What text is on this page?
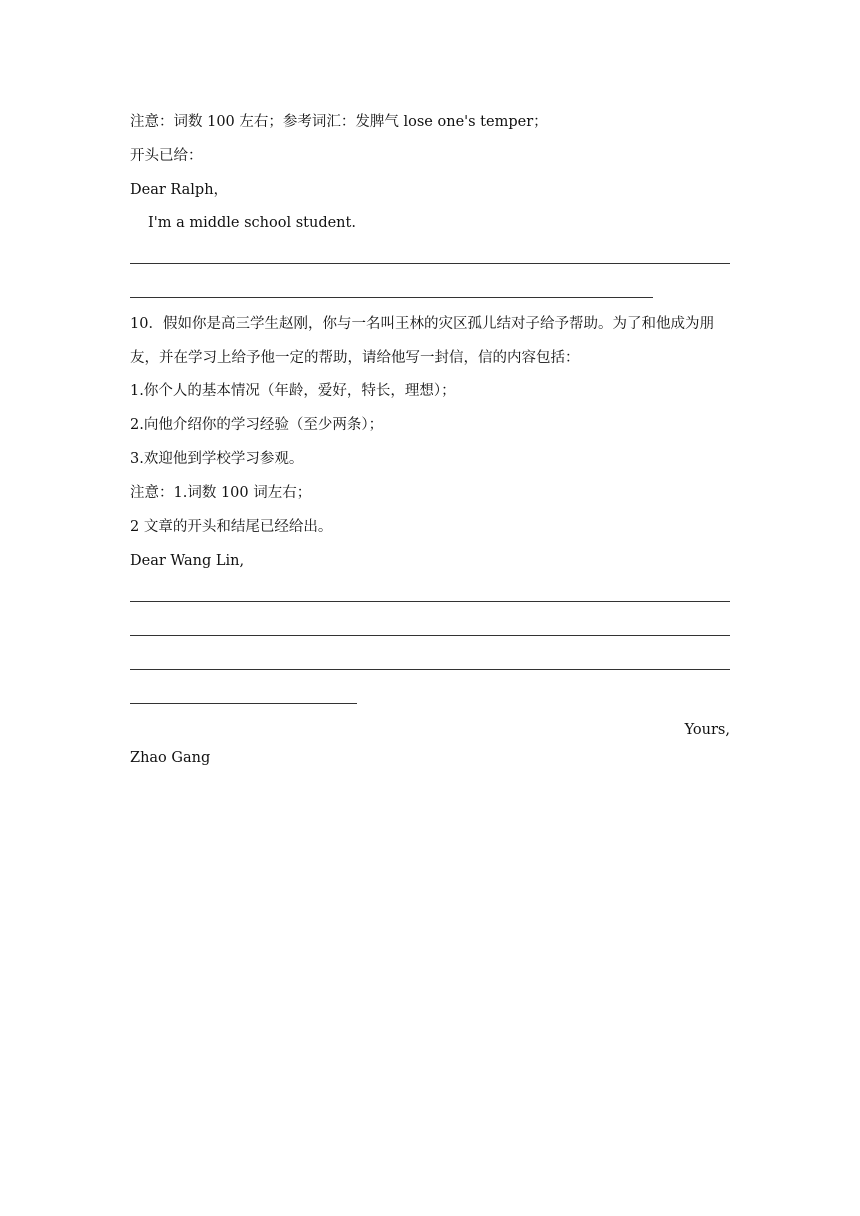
注意：词数 100 左右；参考词汇：发脾气 lose one's temper；
开头已给：
Dear Ralph，
I'm a middle school student.
10．假如你是高三学生赵刚，你与一名叫王林的灾区孤儿结对子给予帮助。为了和他成为朋
友，并在学习上给予他一定的帮助，请给他写一封信，信的内容包括：
1.你个人的基本情况（年龄，爱好，特长，理想）；
2.向他介绍你的学习经验（至少两条）；
3.欢迎他到学校学习参观。
注意：1.词数 100 词左右；
2 文章的开头和结尾已经给出。
Dear Wang Lin,
Yours,
Zhao Gang
